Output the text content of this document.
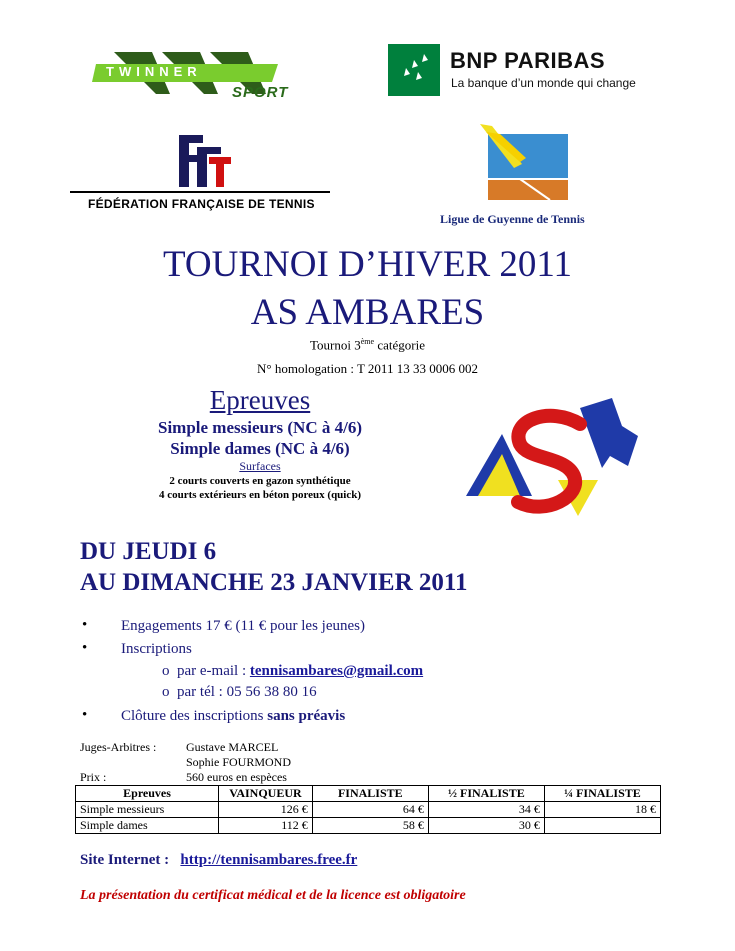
TWINNER
SPORT
BNP PARIBAS
La banque d’un monde qui change
FÉDÉRATION FRANÇAISE DE TENNIS
Ligue de Guyenne de Tennis
TOURNOI D’HIVER 2011
AS AMBARES
Tournoi 3ème catégorie
N° homologation : T 2011 13 33 0006 002
Epreuves
Simple messieurs (NC à 4/6)
Simple dames (NC à 4/6)
Surfaces
2 courts couverts en gazon synthétique
4 courts extérieurs en béton poreux (quick)
DU JEUDI 6
AU DIMANCHE 23 JANVIER 2011
• Engagements 17 € (11 € pour les jeunes)
• Inscriptions
o  par e-mail : tennisambares@gmail.com
o  par tél : 05 56 38 80 16
• Clôture des inscriptions sans préavis
Juges-Arbitres : Gustave MARCEL
Sophie FOURMOND
Prix :	560 euros en espèces
Epreuves	VAINQUEUR	FINALISTE	½ FINALISTE	¼ FINALISTE
Simple messieurs	126 €	64 €	34 €	18 €
Simple dames	112 €	58 €	30 €	
Site Internet : http://tennisambares.free.fr
La présentation du certificat médical et de la licence est obligatoire
